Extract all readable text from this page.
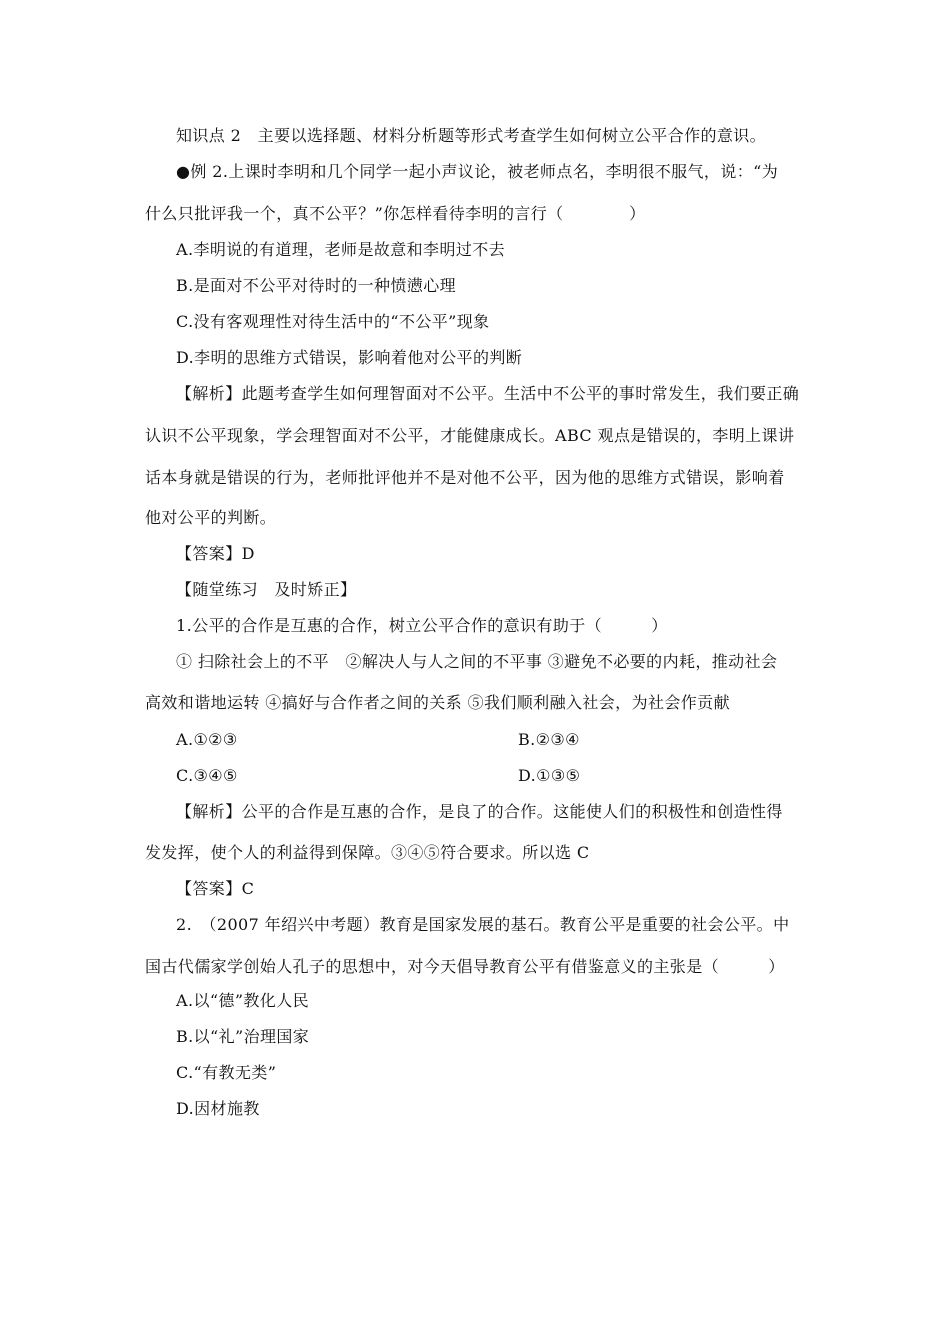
知识点 2　主要以选择题、材料分析题等形式考查学生如何树立公平合作的意识。
●例 2.上课时李明和几个同学一起小声议论，被老师点名，李明很不服气，说：“为
什么只批评我一个，真不公平？”你怎样看待李明的言行（　　　　）
A.李明说的有道理，老师是故意和李明过不去
B.是面对不公平对待时的一种愤懑心理
C.没有客观理性对待生活中的“不公平”现象
D.李明的思维方式错误，影响着他对公平的判断
【解析】此题考查学生如何理智面对不公平。生活中不公平的事时常发生，我们要正确
认识不公平现象，学会理智面对不公平，才能健康成长。ABC 观点是错误的，李明上课讲
话本身就是错误的行为，老师批评他并不是对他不公平，因为他的思维方式错误，影响着
他对公平的判断。
【答案】D
【随堂练习　及时矫正】
1.公平的合作是互惠的合作，树立公平合作的意识有助于（　　　）
① 扫除社会上的不平　②解决人与人之间的不平事 ③避免不必要的内耗，推动社会
高效和谐地运转 ④搞好与合作者之间的关系 ⑤我们顺利融入社会，为社会作贡献
A.①②③	B.②③④
C.③④⑤	D.①③⑤
【解析】公平的合作是互惠的合作，是良了的合作。这能使人们的积极性和创造性得
发发挥，使个人的利益得到保障。③④⑤符合要求。所以选 C
【答案】C
2.　（2007 年绍兴中考题）教育是国家发展的基石。教育公平是重要的社会公平。中
国古代儒家学创始人孔子的思想中，对今天倡导教育公平有借鉴意义的主张是（　　　）
A.以“德”教化人民
B.以“礼”治理国家
C.“有教无类”
D.因材施教
